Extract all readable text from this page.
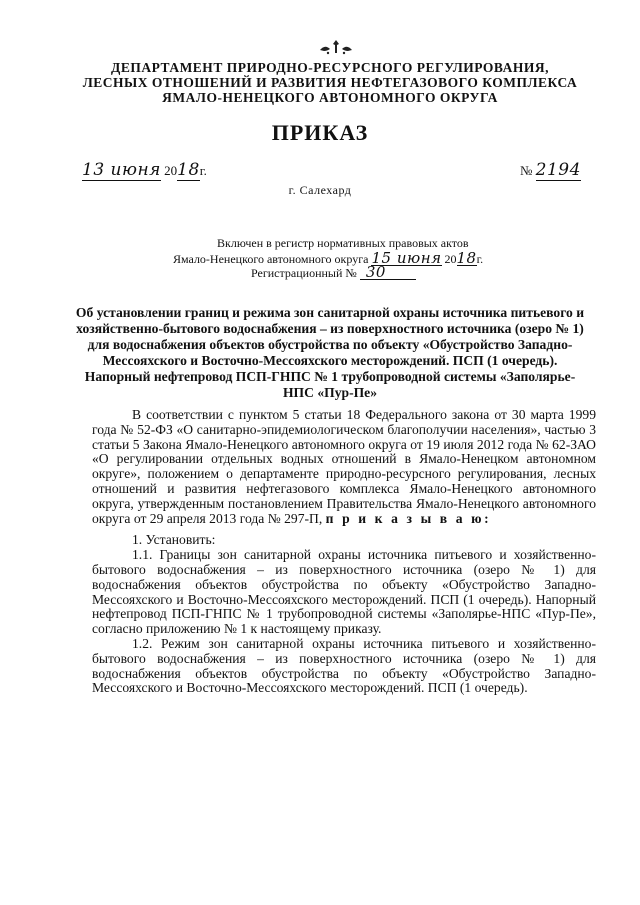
ДЕПАРТАМЕНТ ПРИРОДНО-РЕСУРСНОГО РЕГУЛИРОВАНИЯ,
ЛЕСНЫХ ОТНОШЕНИЙ И РАЗВИТИЯ НЕФТЕГАЗОВОГО КОМПЛЕКСА
ЯМАЛО-НЕНЕЦКОГО АВТОНОМНОГО ОКРУГА
ПРИКАЗ
13 июня 2018г.	№ 2194
г. Салехард
Включен в регистр нормативных правовых актов
Ямало-Ненецкого автономного округа 15 июня 2018г.
Регистрационный № 30
Об установлении границ и режима зон санитарной охраны источника питьевого и хозяйственно-бытового водоснабжения – из поверхностного источника (озеро № 1) для водоснабжения объектов обустройства по объекту «Обустройство Западно-Мессояхского и Восточно-Мессояхского месторождений. ПСП (1 очередь). Напорный нефтепровод ПСП-ГНПС № 1 трубопроводной системы «Заполярье-НПС «Пур-Пе»

В соответствии с пунктом 5 статьи 18 Федерального закона от 30 марта 1999 года № 52-ФЗ «О санитарно-эпидемиологическом благополучии населения», частью 3 статьи 5 Закона Ямало-Ненецкого автономного округа от 19 июля 2012 года № 62-ЗАО «О регулировании отдельных водных отношений в Ямало-Ненецком автономном округе», положением о департаменте природно-ресурсного регулирования, лесных отношений и развития нефтегазового комплекса Ямало-Ненецкого автономного округа, утвержденным постановлением Правительства Ямало-Ненецкого автономного округа от 29 апреля 2013 года № 297-П, п р и к а з ы в а ю:

1. Установить:

1.1. Границы зон санитарной охраны источника питьевого и хозяйственно-бытового водоснабжения – из поверхностного источника (озеро № 1) для водоснабжения объектов обустройства по объекту «Обустройство Западно-Мессояхского и Восточно-Мессояхского месторождений. ПСП (1 очередь). Напорный нефтепровод ПСП-ГНПС № 1 трубопроводной системы «Заполярье-НПС «Пур-Пе», согласно приложению № 1 к настоящему приказу.

1.2. Режим зон санитарной охраны источника питьевого и хозяйственно-бытового водоснабжения – из поверхностного источника (озеро № 1) для водоснабжения объектов обустройства по объекту «Обустройство Западно-Мессояхского и Восточно-Мессояхского месторождений. ПСП (1 очередь).
